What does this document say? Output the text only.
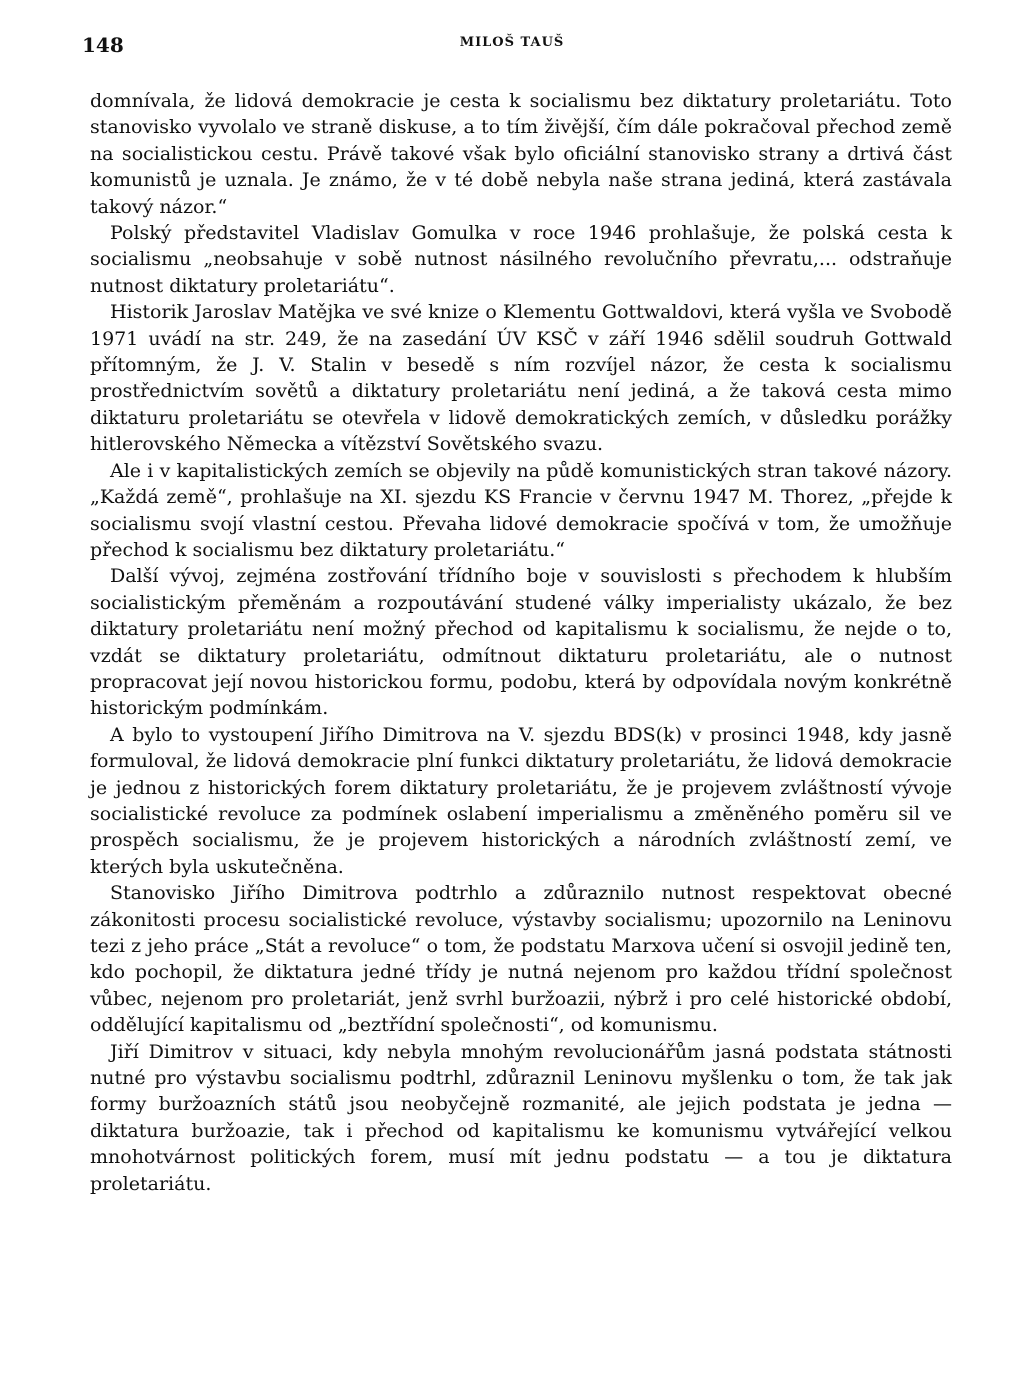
148	MILOŠ TAUŠ

domnívala, že lidová demokracie je cesta k socialismu bez diktatury proletariátu. Toto stanovisko vyvolalo ve straně diskuse, a to tím živější, čím dále pokračoval přechod země na socialistickou cestu. Právě takové však bylo oficiální stanovisko strany a drtivá část komunistů je uznala. Je známo, že v té době nebyla naše strana jediná, která zastávala takový názor.“

Polský představitel Vladislav Gomulka v roce 1946 prohlašuje, že polská cesta k socialismu „neobsahuje v sobě nutnost násilného revolučního převratu,... odstraňuje nutnost diktatury proletariátu“.

Historik Jaroslav Matějka ve své knize o Klementu Gottwaldovi, která vyšla ve Svobodě 1971 uvádí na str. 249, že na zasedání ÚV KSČ v září 1946 sdělil soudruh Gottwald přítomným, že J. V. Stalin v besedě s ním rozvíjel názor, že cesta k socialismu prostřednictvím sovětů a diktatury proletariátu není jediná, a že taková cesta mimo diktaturu proletariátu se otevřela v lidově demokratických zemích, v důsledku porážky hitlerovského Německa a vítězství Sovětského svazu.

Ale i v kapitalistických zemích se objevily na půdě komunistických stran takové názory. „Každá země“, prohlašuje na XI. sjezdu KS Francie v červnu 1947 M. Thorez, „přejde k socialismu svojí vlastní cestou. Převaha lidové demokracie spočívá v tom, že umožňuje přechod k socialismu bez diktatury proletariátu.“

Další vývoj, zejména zostřování třídního boje v souvislosti s přechodem k hlubším socialistickým přeměnám a rozpoutávání studené války imperialisty ukázalo, že bez diktatury proletariátu není možný přechod od kapitalismu k socialismu, že nejde o to, vzdát se diktatury proletariátu, odmítnout diktaturu proletariátu, ale o nutnost propracovat její novou historickou formu, podobu, která by odpovídala novým konkrétně historickým podmínkám.

A bylo to vystoupení Jiřího Dimitrova na V. sjezdu BDS(k) v prosinci 1948, kdy jasně formuloval, že lidová demokracie plní funkci diktatury proletariátu, že lidová demokracie je jednou z historických forem diktatury proletariátu, že je projevem zvláštností vývoje socialistické revoluce za podmínek oslabení imperialismu a změněného poměru sil ve prospěch socialismu, že je projevem historických a národních zvláštností zemí, ve kterých byla uskutečněna.

Stanovisko Jiřího Dimitrova podtrhlo a zdůraznilo nutnost respektovat obecné zákonitosti procesu socialistické revoluce, výstavby socialismu; upozornilo na Leninovu tezi z jeho práce „Stát a revoluce“ o tom, že podstatu Marxova učení si osvojil jedině ten, kdo pochopil, že diktatura jedné třídy je nutná nejenom pro každou třídní společnost vůbec, nejenom pro proletariát, jenž svrhl buržoazii, nýbrž i pro celé historické období, oddělující kapitalismu od „beztřídní společnosti“, od komunismu.

Jiří Dimitrov v situaci, kdy nebyla mnohým revolucionářům jasná podstata státnosti nutné pro výstavbu socialismu podtrhl, zdůraznil Leninovu myšlenku o tom, že tak jak formy buržoazních států jsou neobyčejně rozmanité, ale jejich podstata je jedna — diktatura buržoazie, tak i přechod od kapitalismu ke komunismu vytvářející velkou mnohotvárnost politických forem, musí mít jednu podstatu — a tou je diktatura proletariátu.
